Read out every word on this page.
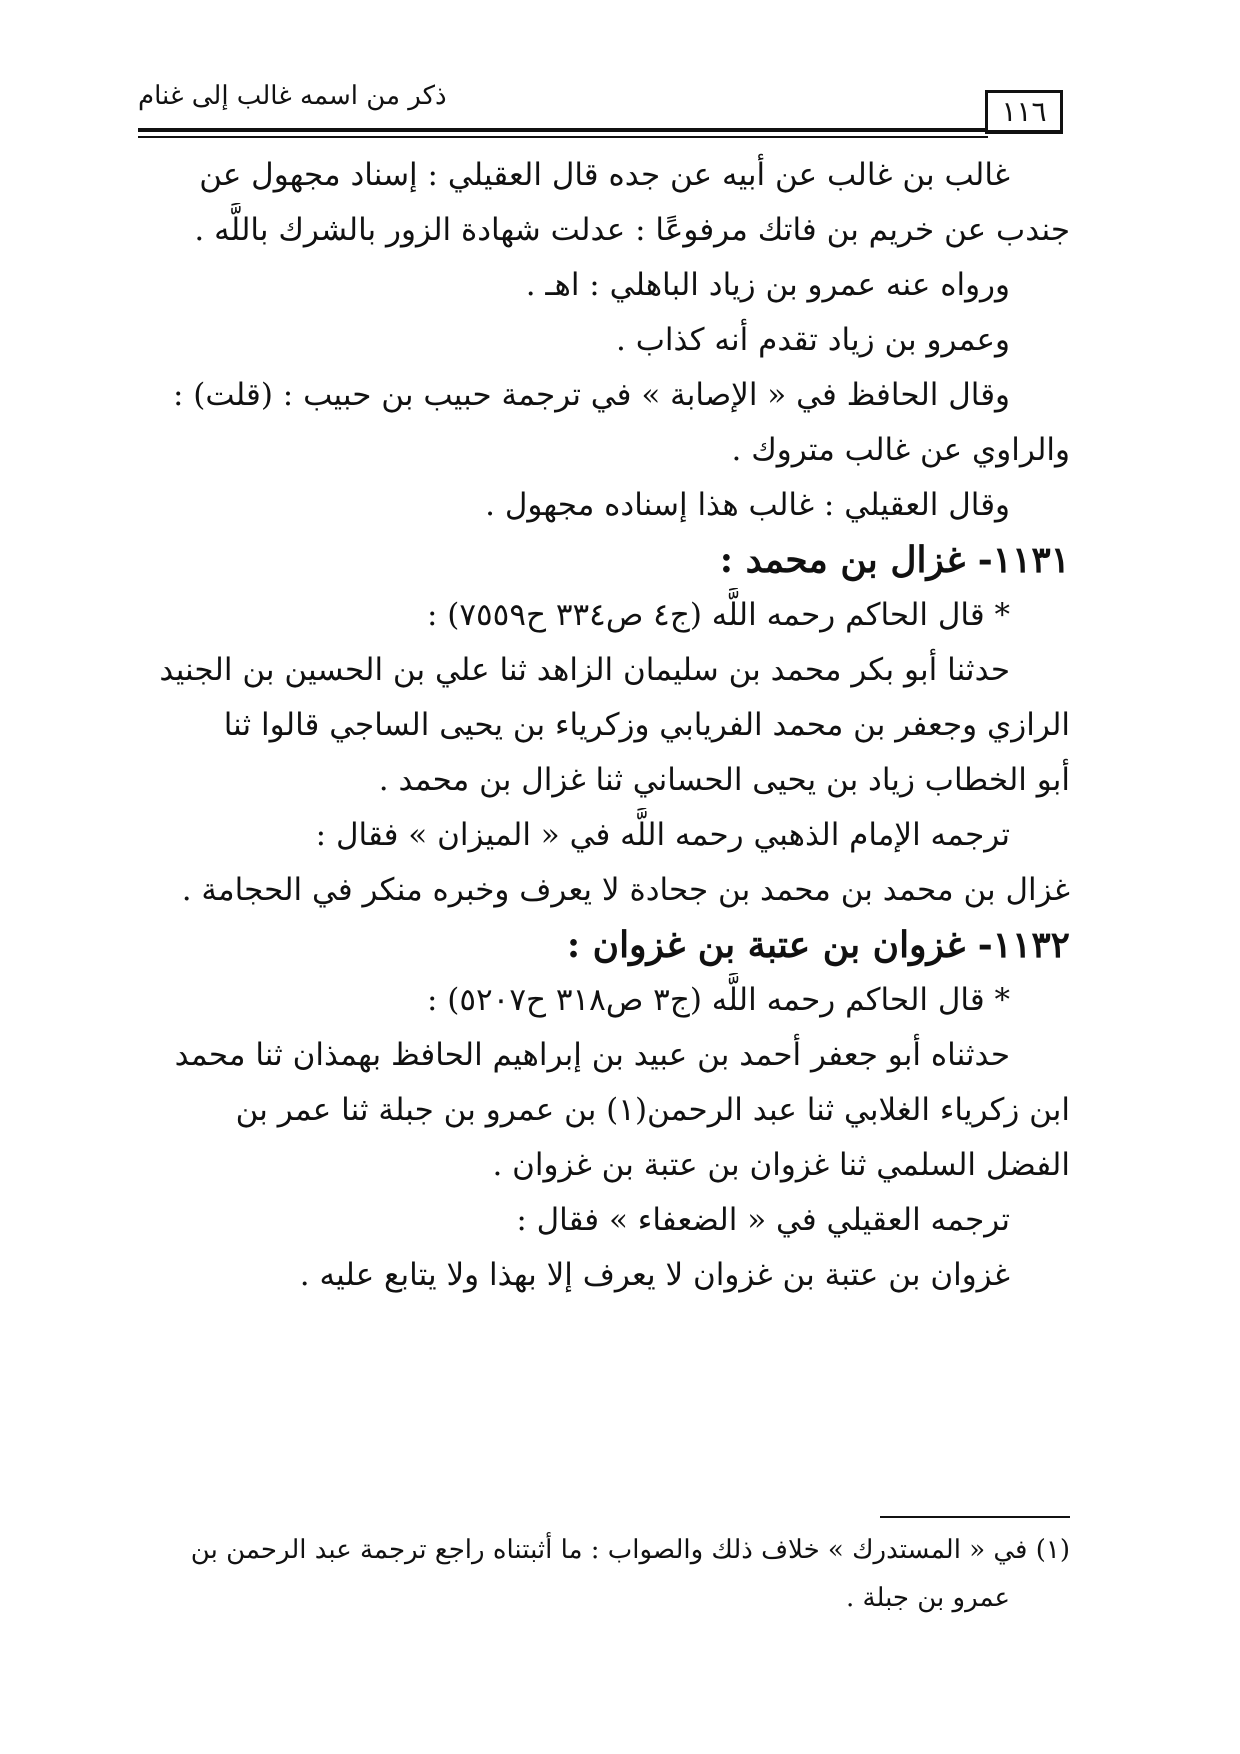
ذكر من اسمه غالب إلى غنام	١١٦
غالب بن غالب عن أبيه عن جده قال العقيلي : إسناد مجهول عن
جندب عن خريم بن فاتك مرفوعًا : عدلت شهادة الزور بالشرك باللَّه .
ورواه عنه عمرو بن زياد الباهلي : اهـ .
وعمرو بن زياد تقدم أنه كذاب .
وقال الحافظ في « الإصابة » في ترجمة حبيب بن حبيب : (قلت) :
والراوي عن غالب متروك .
وقال العقيلي : غالب هذا إسناده مجهول .
١١٣١- غزال بن محمد :
* قال الحاكم رحمه اللَّه (ج٤ ص٣٣٤ ح٧٥٥٩) :
حدثنا أبو بكر محمد بن سليمان الزاهد ثنا علي بن الحسين بن الجنيد
الرازي وجعفر بن محمد الفريابي وزكرياء بن يحيى الساجي قالوا ثنا
أبو الخطاب زياد بن يحيى الحساني ثنا غزال بن محمد .
ترجمه الإمام الذهبي رحمه اللَّه في « الميزان » فقال :
غزال بن محمد بن محمد بن جحادة لا يعرف وخبره منكر في الحجامة .
١١٣٢- غزوان بن عتبة بن غزوان :
* قال الحاكم رحمه اللَّه (ج٣ ص٣١٨ ح٥٢٠٧) :
حدثناه أبو جعفر أحمد بن عبيد بن إبراهيم الحافظ بهمذان ثنا محمد
ابن زكرياء الغلابي ثنا عبد الرحمن(١) بن عمرو بن جبلة ثنا عمر بن
الفضل السلمي ثنا غزوان بن عتبة بن غزوان .
ترجمه العقيلي في « الضعفاء » فقال :
غزوان بن عتبة بن غزوان لا يعرف إلا بهذا ولا يتابع عليه .
(١) في « المستدرك » خلاف ذلك والصواب : ما أثبتناه راجع ترجمة عبد الرحمن بن
عمرو بن جبلة .
